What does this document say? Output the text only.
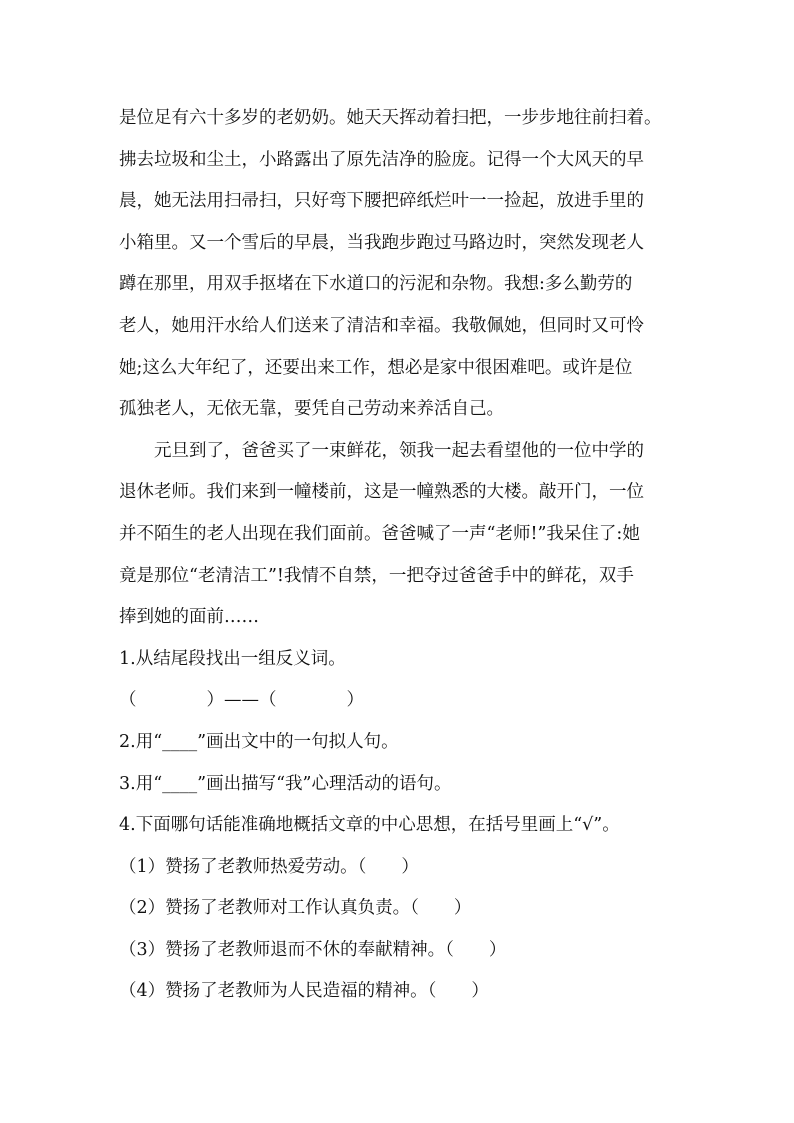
是位足有六十多岁的老奶奶。她天天挥动着扫把，一步步地往前扫着。
拂去垃圾和尘土，小路露出了原先洁净的脸庞。记得一个大风天的早
晨，她无法用扫帚扫，只好弯下腰把碎纸烂叶一一捡起，放进手里的
小箱里。又一个雪后的早晨，当我跑步跑过马路边时，突然发现老人
蹲在那里，用双手抠堵在下水道口的污泥和杂物。我想:多么勤劳的
老人，她用汗水给人们送来了清洁和幸福。我敬佩她，但同时又可怜
她;这么大年纪了，还要出来工作，想必是家中很困难吧。或许是位
孤独老人，无依无靠，要凭自己劳动来养活自己。
元旦到了，爸爸买了一束鲜花，领我一起去看望他的一位中学的
退休老师。我们来到一幢楼前，这是一幢熟悉的大楼。敲开门，一位
并不陌生的老人出现在我们面前。爸爸喊了一声“老师!”我呆住了:她
竟是那位“老清洁工”!我情不自禁，一把夺过爸爸手中的鲜花，双手
捧到她的面前……
1.从结尾段找出一组反义词。
（　　　　）——（　　　　）
2.用“____”画出文中的一句拟人句。
3.用“____”画出描写“我”心理活动的语句。
4.下面哪句话能准确地概括文章的中心思想，在括号里画上“√”。
（1）赞扬了老教师热爱劳动。（　　）
（2）赞扬了老教师对工作认真负责。（　　）
（3）赞扬了老教师退而不休的奉献精神。（　　）
（4）赞扬了老教师为人民造福的精神。（　　）
